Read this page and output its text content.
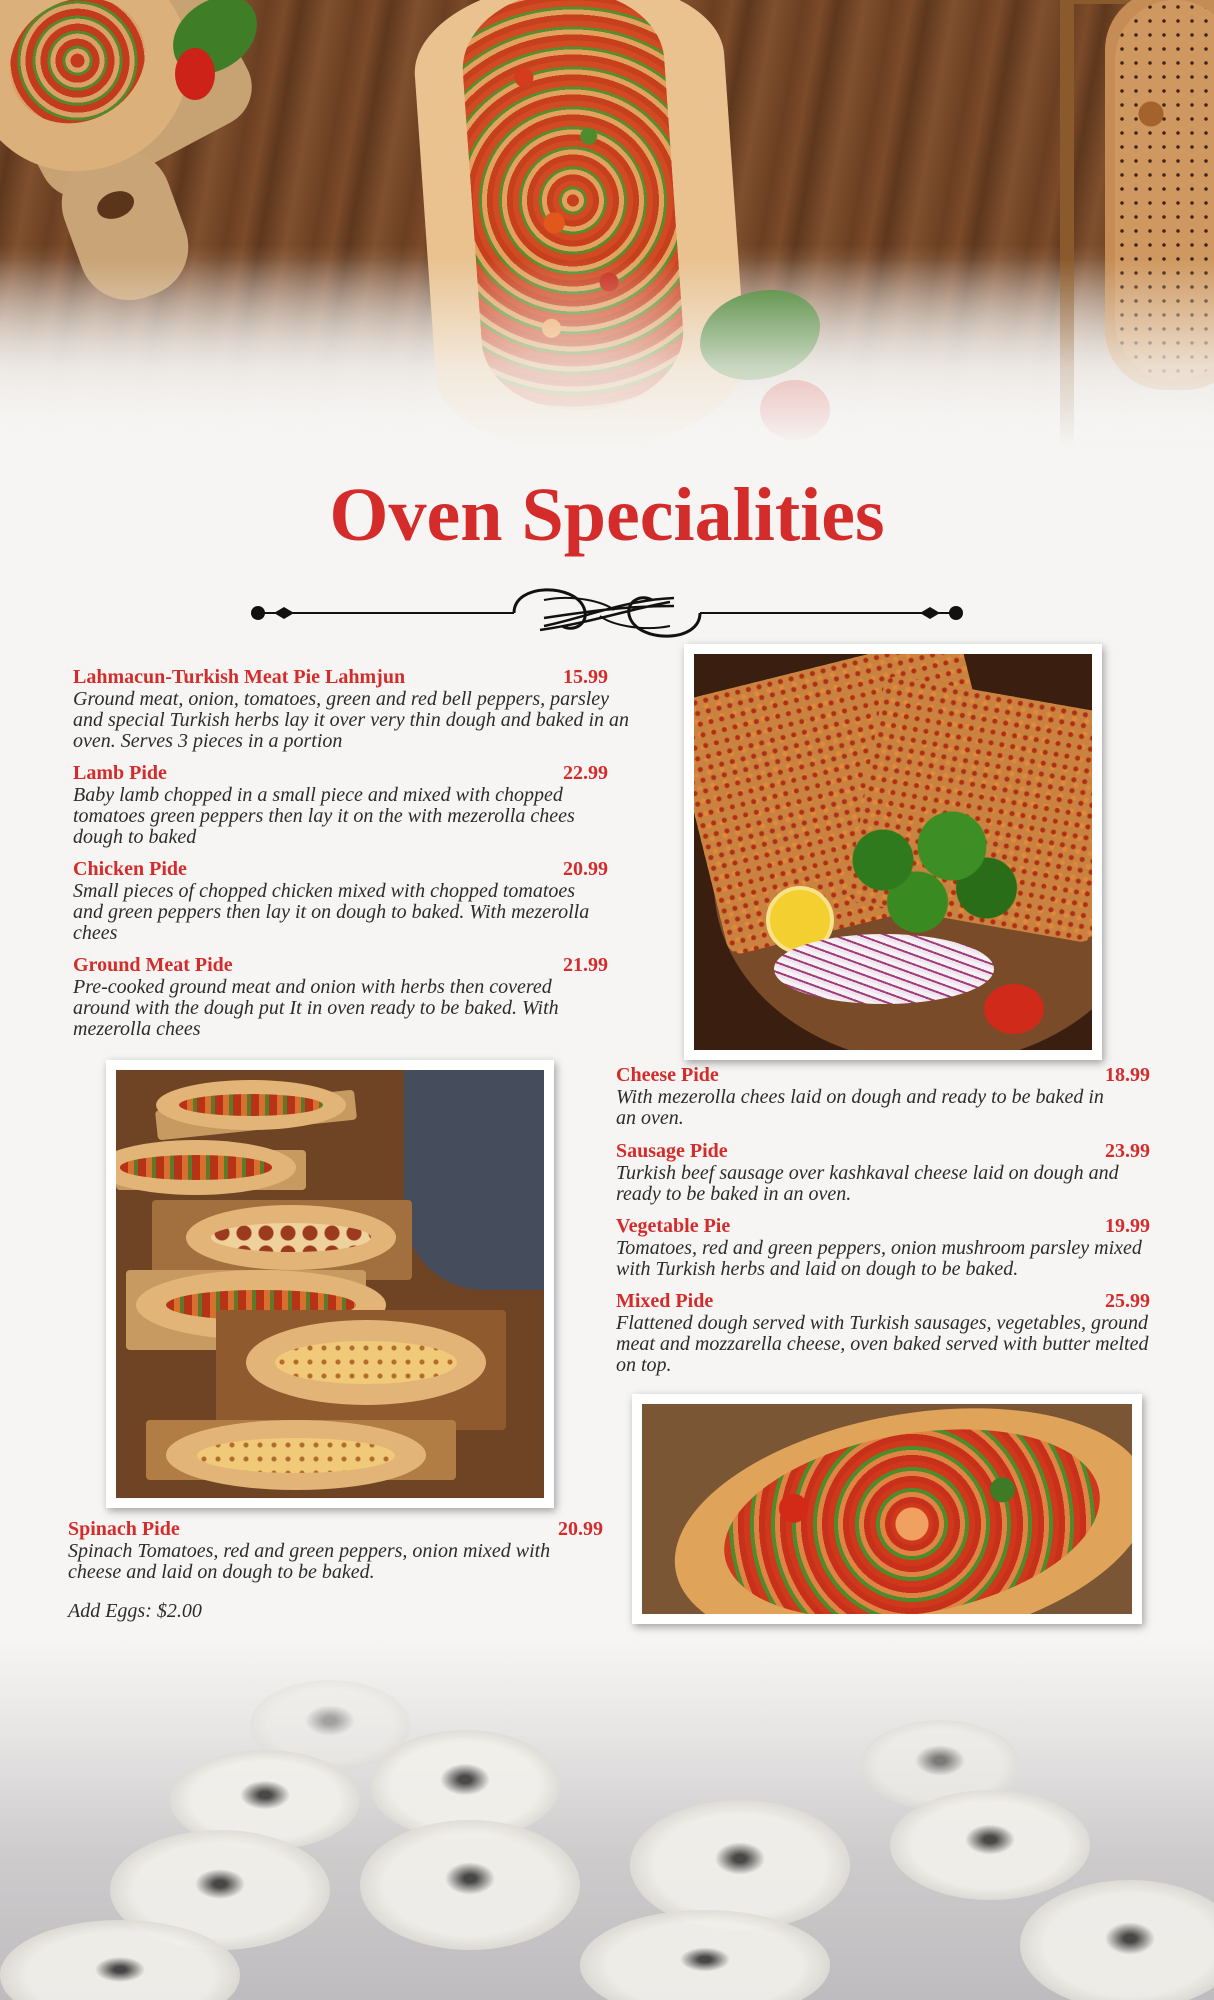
Oven Specialities
Lahmacun-Turkish Meat Pie Lahmjun	15.99

Ground meat, onion, tomatoes, green and red bell peppers, parsley and special Turkish herbs lay it over very thin dough and baked in an oven. Serves 3 pieces in a portion

Lamb Pide	22.99

Baby lamb chopped in a small piece and mixed with chopped tomatoes green peppers then lay it on the with mezerolla chees dough to baked

Chicken Pide	20.99

Small pieces of chopped chicken mixed with chopped tomatoes and green peppers then lay it on dough to baked. With mezerolla chees

Ground Meat Pide	21.99

Pre-cooked ground meat and onion with herbs then covered around with the dough put It in oven ready to be baked. With mezerolla chees

Cheese Pide	18.99

With mezerolla chees laid on dough and ready to be baked in an oven.

Sausage Pide	23.99

Turkish beef sausage over kashkaval cheese laid on dough and ready to be baked in an oven.

Vegetable Pie	19.99

Tomatoes, red and green peppers, onion mushroom parsley mixed with Turkish herbs and laid on dough to be baked.

Mixed Pide	25.99

Flattened dough served with Turkish sausages, vegetables, ground meat and mozzarella cheese, oven baked served with butter melted on top.

Spinach Pide	20.99

Spinach Tomatoes, red and green peppers, onion mixed with cheese and laid on dough to be baked.

Add Eggs: $2.00
